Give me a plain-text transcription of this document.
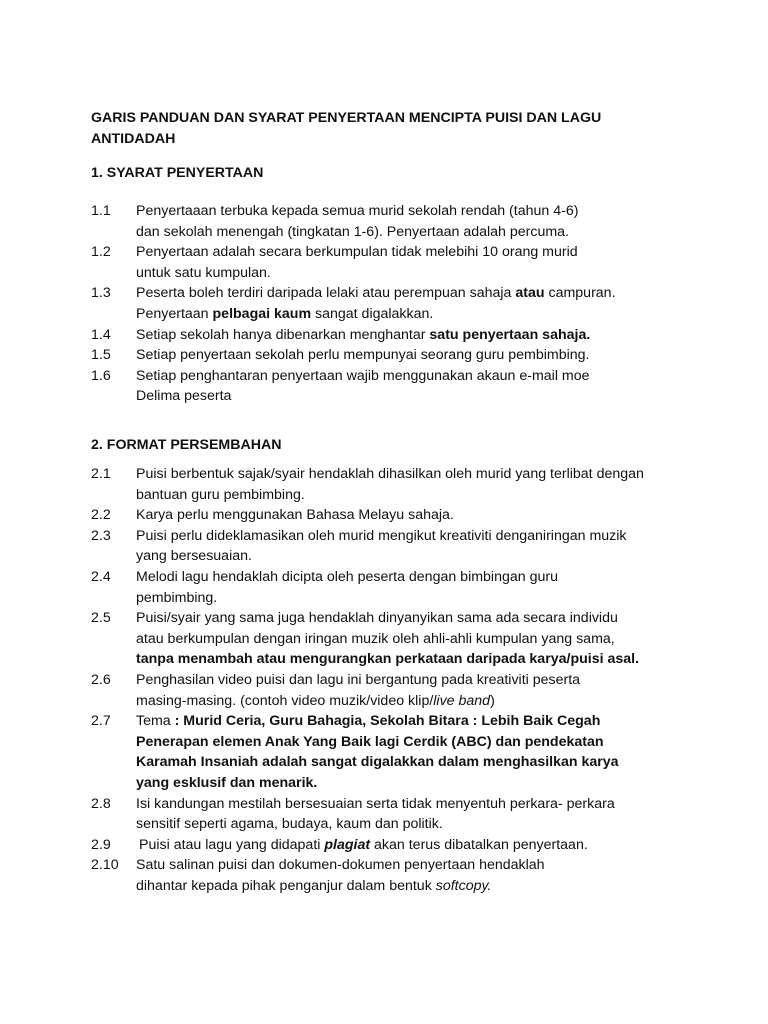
GARIS PANDUAN DAN SYARAT PENYERTAAN MENCIPTA PUISI DAN LAGU
ANTIDADAH
1. SYARAT PENYERTAAN
1.1 Penyertaaan terbuka kepada semua murid sekolah rendah (tahun 4-6)
dan sekolah menengah (tingkatan 1-6). Penyertaan adalah percuma.
1.2 Penyertaan adalah secara berkumpulan tidak melebihi 10 orang murid
untuk satu kumpulan.
1.3 Peserta boleh terdiri daripada lelaki atau perempuan sahaja atau campuran.
Penyertaan pelbagai kaum sangat digalakkan.
1.4 Setiap sekolah hanya dibenarkan menghantar satu penyertaan sahaja.
1.5 Setiap penyertaan sekolah perlu mempunyai seorang guru pembimbing.
1.6 Setiap penghantaran penyertaan wajib menggunakan akaun e-mail moe
Delima peserta
2. FORMAT PERSEMBAHAN
2.1 Puisi berbentuk sajak/syair hendaklah dihasilkan oleh murid yang terlibat dengan
bantuan guru pembimbing.
2.2 Karya perlu menggunakan Bahasa Melayu sahaja.
2.3 Puisi perlu dideklamasikan oleh murid mengikut kreativiti denganiringan muzik
yang bersesuaian.
2.4 Melodi lagu hendaklah dicipta oleh peserta dengan bimbingan guru
pembimbing.
2.5 Puisi/syair yang sama juga hendaklah dinyanyikan sama ada secara individu
atau berkumpulan dengan iringan muzik oleh ahli-ahli kumpulan yang sama,
tanpa menambah atau mengurangkan perkataan daripada karya/puisi asal.
2.6 Penghasilan video puisi dan lagu ini bergantung pada kreativiti peserta
masing-masing. (contoh video muzik/video klip/live band)
2.7 Tema : Murid Ceria, Guru Bahagia, Sekolah Bitara : Lebih Baik Cegah
Penerapan elemen Anak Yang Baik lagi Cerdik (ABC) dan pendekatan
Karamah Insaniah adalah sangat digalakkan dalam menghasilkan karya
yang esklusif dan menarik.
2.8 Isi kandungan mestilah bersesuaian serta tidak menyentuh perkara- perkara
sensitif seperti agama, budaya, kaum dan politik.
2.9 Puisi atau lagu yang didapati plagiat akan terus dibatalkan penyertaan.
2.10 Satu salinan puisi dan dokumen-dokumen penyertaan hendaklah
dihantar kepada pihak penganjur dalam bentuk softcopy.
